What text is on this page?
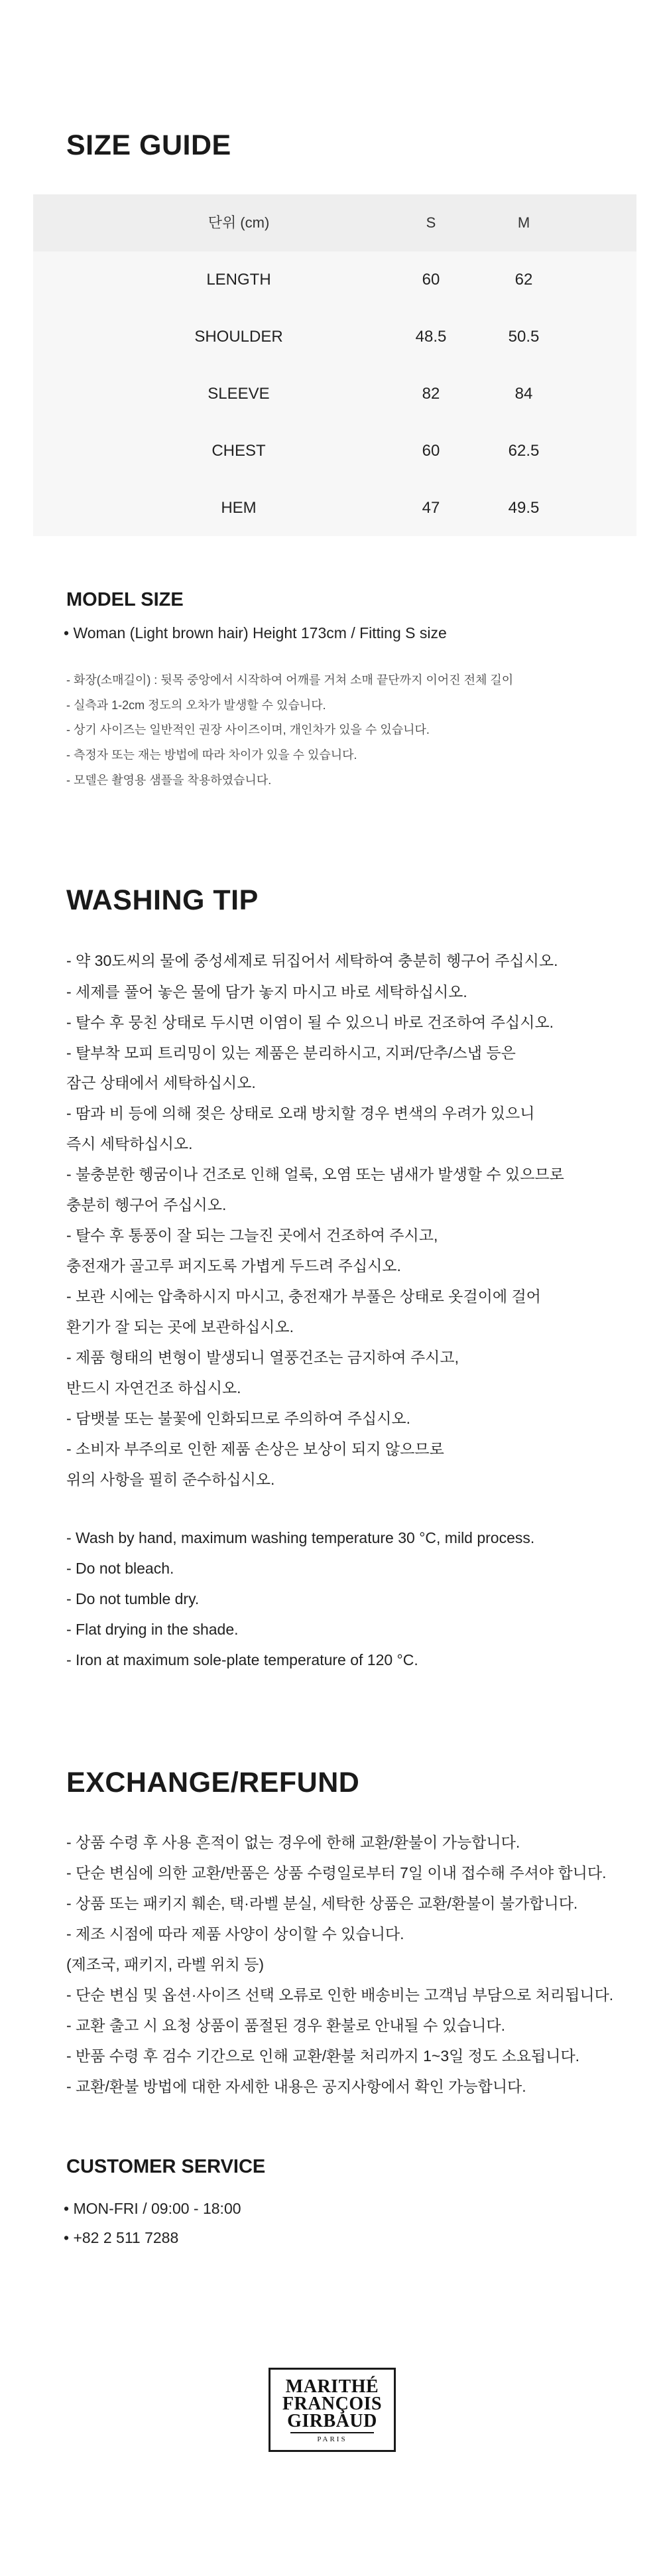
SIZE GUIDE
단위 (cm)	S	M
LENGTH	60	62
SHOULDER	48.5	50.5
SLEEVE	82	84
CHEST	60	62.5
HEM	47	49.5
MODEL SIZE
• Woman (Light brown hair) Height 173cm / Fitting S size
- 화장(소매길이) : 뒷목 중앙에서 시작하여 어깨를 거쳐 소매 끝단까지 이어진 전체 길이
- 실측과 1-2cm 정도의 오차가 발생할 수 있습니다.
- 상기 사이즈는 일반적인 권장 사이즈이며, 개인차가 있을 수 있습니다.
- 측정자 또는 재는 방법에 따라 차이가 있을 수 있습니다.
- 모델은 촬영용 샘플을 착용하였습니다.
WASHING TIP
- 약 30도씨의 물에 중성세제로 뒤집어서 세탁하여 충분히 헹구어 주십시오.
- 세제를 풀어 놓은 물에 담가 놓지 마시고 바로 세탁하십시오.
- 탈수 후 뭉친 상태로 두시면 이염이 될 수 있으니 바로 건조하여 주십시오.
- 탈부착 모피 트리밍이 있는 제품은 분리하시고, 지퍼/단추/스냅 등은
잠근 상태에서 세탁하십시오.
- 땀과 비 등에 의해 젖은 상태로 오래 방치할 경우 변색의 우려가 있으니
즉시 세탁하십시오.
- 불충분한 헹굼이나 건조로 인해 얼룩, 오염 또는 냄새가 발생할 수 있으므로
충분히 헹구어 주십시오.
- 탈수 후 통풍이 잘 되는 그늘진 곳에서 건조하여 주시고,
충전재가 골고루 퍼지도록 가볍게 두드려 주십시오.
- 보관 시에는 압축하시지 마시고, 충전재가 부풀은 상태로 옷걸이에 걸어
환기가 잘 되는 곳에 보관하십시오.
- 제품 형태의 변형이 발생되니 열풍건조는 금지하여 주시고,
반드시 자연건조 하십시오.
- 담뱃불 또는 불꽃에 인화되므로 주의하여 주십시오.
- 소비자 부주의로 인한 제품 손상은 보상이 되지 않으므로
위의 사항을 필히 준수하십시오.
- Wash by hand, maximum washing temperature 30 °C, mild process.
- Do not bleach.
- Do not tumble dry.
- Flat drying in the shade.
- Iron at maximum sole-plate temperature of 120 °C.
EXCHANGE/REFUND
- 상품 수령 후 사용 흔적이 없는 경우에 한해 교환/환불이 가능합니다.
- 단순 변심에 의한 교환/반품은 상품 수령일로부터 7일 이내 접수해 주셔야 합니다.
- 상품 또는 패키지 훼손, 택·라벨 분실, 세탁한 상품은 교환/환불이 불가합니다.
- 제조 시점에 따라 제품 사양이 상이할 수 있습니다.
(제조국, 패키지, 라벨 위치 등)
- 단순 변심 및 옵션·사이즈 선택 오류로 인한 배송비는 고객님 부담으로 처리됩니다.
- 교환 출고 시 요청 상품이 품절된 경우 환불로 안내될 수 있습니다.
- 반품 수령 후 검수 기간으로 인해 교환/환불 처리까지 1~3일 정도 소요됩니다.
- 교환/환불 방법에 대한 자세한 내용은 공지사항에서 확인 가능합니다.
CUSTOMER SERVICE
• MON-FRI / 09:00 - 18:00
• +82 2 511 7288
MARITHÉ
FRANÇOIS
GIRBAUD
PARIS
